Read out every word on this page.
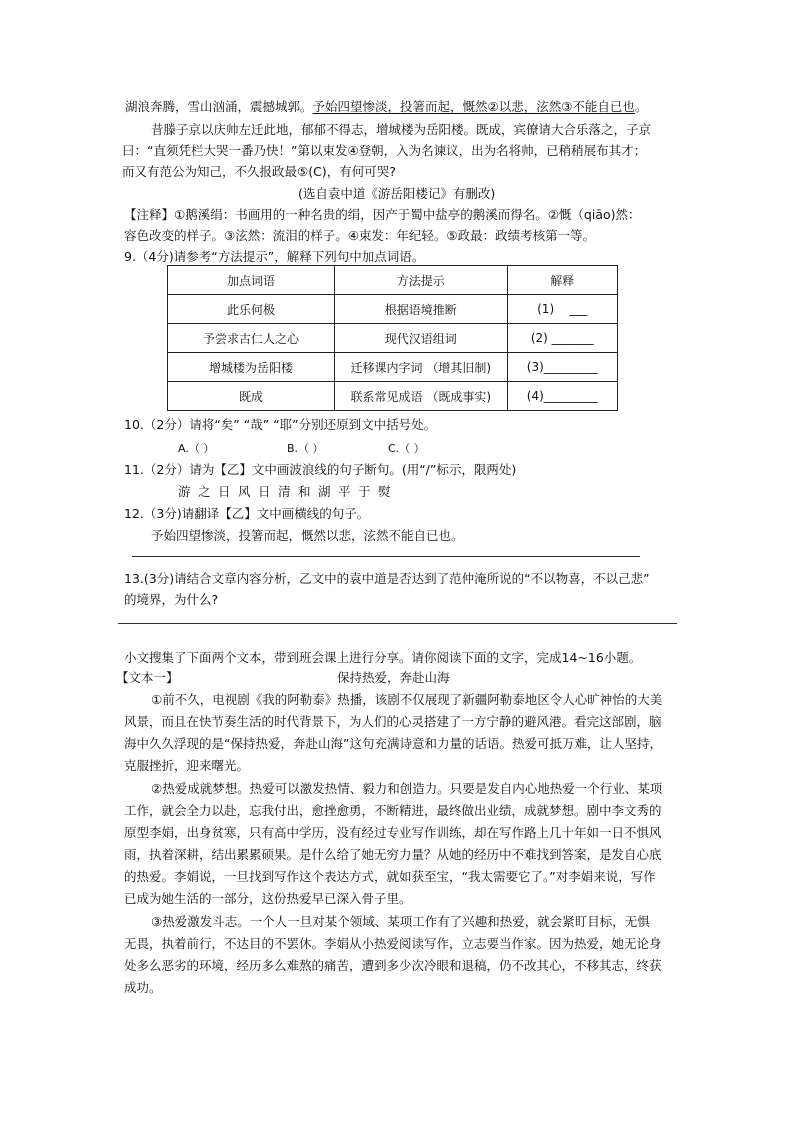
湖浪奔腾，雪山汹涌，震撼城郭。予始四望惨淡，投箸而起，慨然②以悲，泫然③不能自已也。
昔滕子京以庆帅左迁此地，郁郁不得志，增城楼为岳阳楼。既成，宾僚请大合乐落之，子京
曰：“直须凭栏大哭一番乃快！”第以束发④登朝，入为名谏议，出为名将帅，已稍稍展布其才；
而又有范公为知己，不久报政最⑤(C)，有何可哭?
(选自袁中道《游岳阳楼记》有删改)
【注释】①鹅溪绢：书画用的一种名贵的绢，因产于蜀中盐亭的鹅溪而得名。②慨（qiāo)然：
容色改变的样子。③泫然：流泪的样子。④束发：年纪轻。⑤政最：政绩考核第一等。
9.（4分)请参考“方法提示”，解释下列句中加点词语。
加点词语	方法提示	解释
此乐何极	根据语境推断	(1)    ___
予尝求古仁人之心	现代汉语组词	(2) _______
增城楼为岳阳楼	迁移课内字词 （增其旧制)	(3)_________
既成	联系常见成语 （既成事实)	(4)_________
10.（2分）请将“矣” “哉” “耶”分别还原到文中括号处。
A.（ ）	B.（ ）	C.（ ）
11.（2分）请为【乙】文中画波浪线的句子断句。(用“/”标示，限两处)
游 之 日 风 日 清 和 湖 平 于 熨
12.（3分)请翻译【乙】文中画横线的句子。
予始四望惨淡，投箸而起，慨然以悲，泫然不能自已也。
13.(3分)请结合文章内容分析，乙文中的袁中道是否达到了范仲淹所说的“不以物喜，不以己悲”
的境界，为什么?
小文搜集了下面两个文本，带到班会课上进行分享。请你阅读下面的文字，完成14~16小题。
【文本一】	保持热爱，奔赴山海
①前不久，电视剧《我的阿勒泰》热播，该剧不仅展现了新疆阿勒泰地区令人心旷神怡的大美
风景，而且在快节奏生活的时代背景下，为人们的心灵搭建了一方宁静的避风港。看完这部剧，脑
海中久久浮现的是“保持热爱，奔赴山海”这句充满诗意和力量的话语。热爱可抵万难，让人坚持，
克服挫折，迎来曙光。
②热爱成就梦想。热爱可以激发热情、毅力和创造力。只要是发自内心地热爱一个行业、某项
工作，就会全力以赴，忘我付出，愈挫愈勇，不断精进，最终做出业绩，成就梦想。剧中李文秀的
原型李娟，出身贫寒，只有高中学历，没有经过专业写作训练，却在写作路上几十年如一日不惧风
雨，执着深耕，结出累累硕果。是什么给了她无穷力量？从她的经历中不难找到答案，是发自心底
的热爱。李娟说，一旦找到写作这个表达方式，就如获至宝，“我太需要它了。”对李娟来说，写作
已成为她生活的一部分，这份热爱早已深入骨子里。
③热爱激发斗志。一个人一旦对某个领域、某项工作有了兴趣和热爱，就会紧盯目标，无惧
无畏，执着前行，不达目的不罢休。李娟从小热爱阅读写作，立志要当作家。因为热爱，她无论身
处多么恶劣的环境，经历多么难熬的痛苦，遭到多少次冷眼和退稿，仍不改其心，不移其志，终获
成功。
